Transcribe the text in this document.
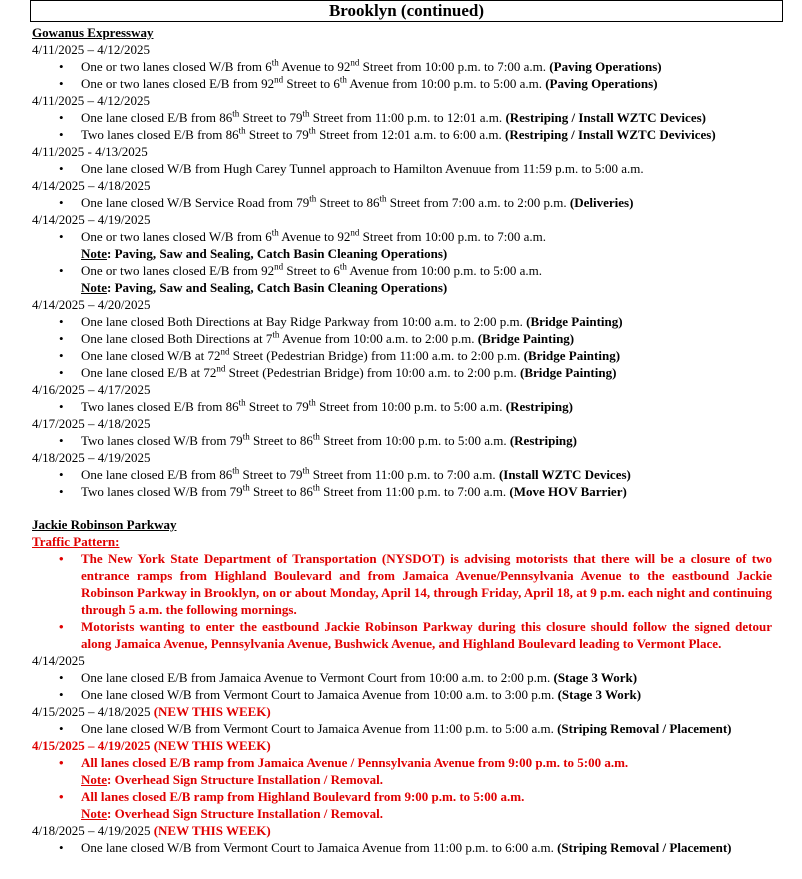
Brooklyn (continued)
Gowanus Expressway
4/11/2025 – 4/12/2025
• One or two lanes closed W/B from 6th Avenue to 92nd Street from 10:00 p.m. to 7:00 a.m. (Paving Operations)
• One or two lanes closed E/B from 92nd Street to 6th Avenue from 10:00 p.m. to 5:00 a.m. (Paving Operations)
4/11/2025 – 4/12/2025
• One lane closed E/B from 86th Street to 79th Street from 11:00 p.m. to 12:01 a.m. (Restriping / Install WZTC Devices)
• Two lanes closed E/B from 86th Street to 79th Street from 12:01 a.m. to 6:00 a.m. (Restriping / Install WZTC Devivices)
4/11/2025 - 4/13/2025
• One lane closed W/B from Hugh Carey Tunnel approach to Hamilton Avenuue from 11:59 p.m. to 5:00 a.m.
4/14/2025 – 4/18/2025
• One lane closed W/B Service Road from 79th Street to 86th Street from 7:00 a.m. to 2:00 p.m. (Deliveries)
4/14/2025 – 4/19/2025
• One or two lanes closed W/B from 6th Avenue to 92nd Street from 10:00 p.m. to 7:00 a.m.
Note: Paving, Saw and Sealing, Catch Basin Cleaning Operations)
• One or two lanes closed E/B from 92nd Street to 6th Avenue from 10:00 p.m. to 5:00 a.m.
Note: Paving, Saw and Sealing, Catch Basin Cleaning Operations)
4/14/2025 – 4/20/2025
• One lane closed Both Directions at Bay Ridge Parkway from 10:00 a.m. to 2:00 p.m. (Bridge Painting)
• One lane closed Both Directions at 7th Avenue from 10:00 a.m. to 2:00 p.m. (Bridge Painting)
• One lane closed W/B at 72nd Street (Pedestrian Bridge) from 11:00 a.m. to 2:00 p.m. (Bridge Painting)
• One lane closed E/B at 72nd Street (Pedestrian Bridge) from 10:00 a.m. to 2:00 p.m. (Bridge Painting)
4/16/2025 – 4/17/2025
• Two lanes closed E/B from 86th Street to 79th Street from 10:00 p.m. to 5:00 a.m. (Restriping)
4/17/2025 – 4/18/2025
• Two lanes closed W/B from 79th Street to 86th Street from 10:00 p.m. to 5:00 a.m. (Restriping)
4/18/2025 – 4/19/2025
• One lane closed E/B from 86th Street to 79th Street from 11:00 p.m. to 7:00 a.m. (Install WZTC Devices)
• Two lanes closed W/B from 79th Street to 86th Street from 11:00 p.m. to 7:00 a.m. (Move HOV Barrier)
Jackie Robinson Parkway
Traffic Pattern:
• The New York State Department of Transportation (NYSDOT) is advising motorists that there will be a closure of two entrance ramps from Highland Boulevard and from Jamaica Avenue/Pennsylvania Avenue to the eastbound Jackie Robinson Parkway in Brooklyn, on or about Monday, April 14, through Friday, April 18, at 9 p.m. each night and continuing through 5 a.m. the following mornings.
• Motorists wanting to enter the eastbound Jackie Robinson Parkway during this closure should follow the signed detour along Jamaica Avenue, Pennsylvania Avenue, Bushwick Avenue, and Highland Boulevard leading to Vermont Place.
4/14/2025
• One lane closed E/B from Jamaica Avenue to Vermont Court from 10:00 a.m. to 2:00 p.m. (Stage 3 Work)
• One lane closed W/B from Vermont Court to Jamaica Avenue from 10:00 a.m. to 3:00 p.m. (Stage 3 Work)
4/15/2025 – 4/18/2025 (NEW THIS WEEK)
• One lane closed W/B from Vermont Court to Jamaica Avenue from 11:00 p.m. to 5:00 a.m. (Striping Removal / Placement)
4/15/2025 – 4/19/2025 (NEW THIS WEEK)
• All lanes closed E/B ramp from Jamaica Avenue / Pennsylvania Avenue from 9:00 p.m. to 5:00 a.m.
Note: Overhead Sign Structure Installation / Removal.
• All lanes closed E/B ramp from Highland Boulevard from 9:00 p.m. to 5:00 a.m.
Note: Overhead Sign Structure Installation / Removal.
4/18/2025 – 4/19/2025 (NEW THIS WEEK)
• One lane closed W/B from Vermont Court to Jamaica Avenue from 11:00 p.m. to 6:00 a.m. (Striping Removal / Placement)
